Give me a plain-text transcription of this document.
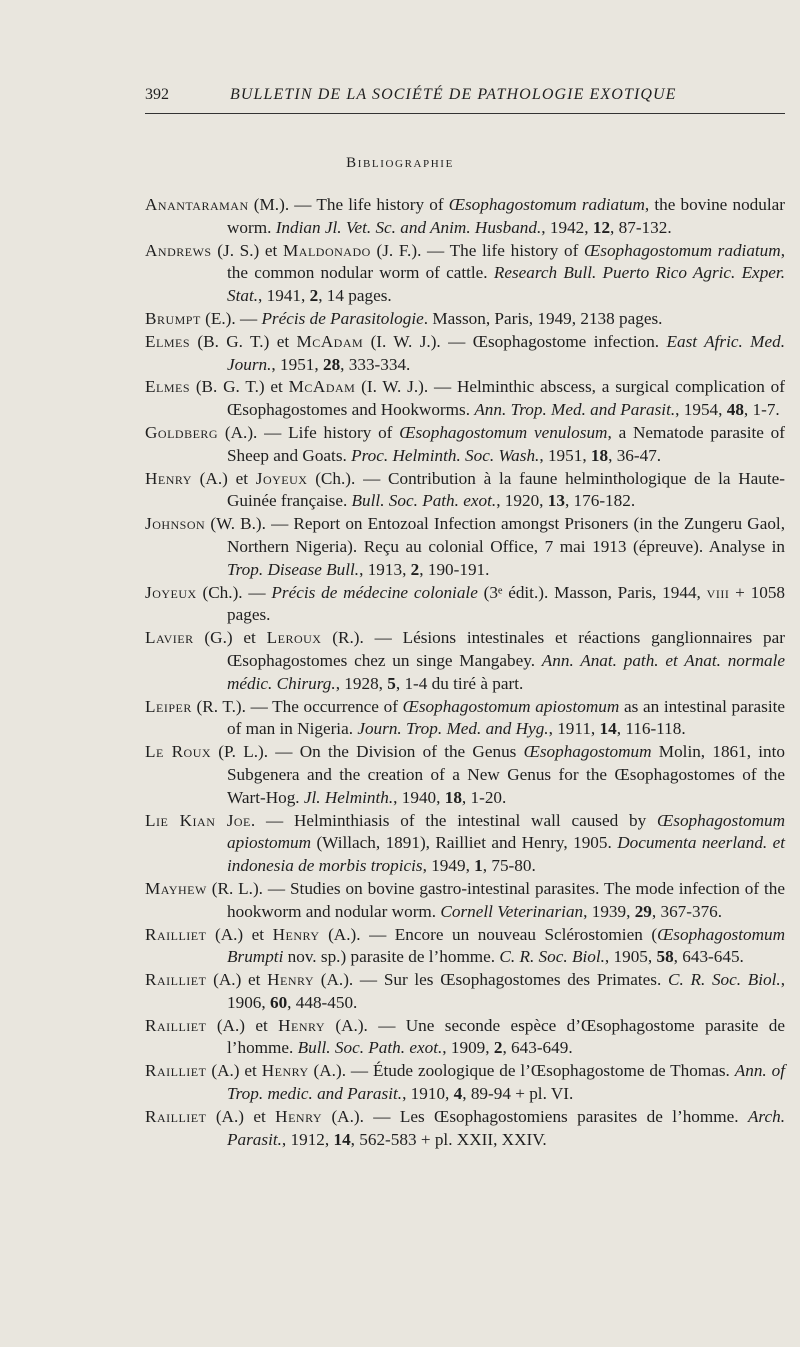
392	BULLETIN DE LA SOCIÉTÉ DE PATHOLOGIE EXOTIQUE
Bibliographie

Anantaraman (M.). — The life history of Œsophagostomum radiatum, the bovine nodular worm. Indian Jl. Vet. Sc. and Anim. Husband., 1942, 12, 87-132.

Andrews (J. S.) et Maldonado (J. F.). — The life history of Œsophagostomum radiatum, the common nodular worm of cattle. Research Bull. Puerto Rico Agric. Exper. Stat., 1941, 2, 14 pages.

Brumpt (E.). — Précis de Parasitologie. Masson, Paris, 1949, 2138 pages.

Elmes (B. G. T.) et McAdam (I. W. J.). — Œsophagostome infection. East Afric. Med. Journ., 1951, 28, 333-334.

Elmes (B. G. T.) et McAdam (I. W. J.). — Helminthic abscess, a surgical complication of Œsophagostomes and Hookworms. Ann. Trop. Med. and Parasit., 1954, 48, 1-7.

Goldberg (A.). — Life history of Œsophagostomum venulosum, a Nematode parasite of Sheep and Goats. Proc. Helminth. Soc. Wash., 1951, 18, 36-47.

Henry (A.) et Joyeux (Ch.). — Contribution à la faune helminthologique de la Haute-Guinée française. Bull. Soc. Path. exot., 1920, 13, 176-182.

Johnson (W. B.). — Report on Entozoal Infection amongst Prisoners (in the Zungeru Gaol, Northern Nigeria). Reçu au colonial Office, 7 mai 1913 (épreuve). Analyse in Trop. Disease Bull., 1913, 2, 190-191.

Joyeux (Ch.). — Précis de médecine coloniale (3ᵉ édit.). Masson, Paris, 1944, viii + 1058 pages.

Lavier (G.) et Leroux (R.). — Lésions intestinales et réactions ganglionnaires par Œsophagostomes chez un singe Mangabey. Ann. Anat. path. et Anat. normale médic. Chirurg., 1928, 5, 1-4 du tiré à part.

Leiper (R. T.). — The occurrence of Œsophagostomum apiostomum as an intestinal parasite of man in Nigeria. Journ. Trop. Med. and Hyg., 1911, 14, 116-118.

Le Roux (P. L.). — On the Division of the Genus Œsophagostomum Molin, 1861, into Subgenera and the creation of a New Genus for the Œsophagostomes of the Wart-Hog. Jl. Helminth., 1940, 18, 1-20.

Lie Kian Joe. — Helminthiasis of the intestinal wall caused by Œsophagostomum apiostomum (Willach, 1891), Railliet and Henry, 1905. Documenta neerland. et indonesia de morbis tropicis, 1949, 1, 75-80.

Mayhew (R. L.). — Studies on bovine gastro-intestinal parasites. The mode infection of the hookworm and nodular worm. Cornell Veterinarian, 1939, 29, 367-376.

Railliet (A.) et Henry (A.). — Encore un nouveau Sclérostomien (Œsophagostomum Brumpti nov. sp.) parasite de l’homme. C. R. Soc. Biol., 1905, 58, 643-645.

Railliet (A.) et Henry (A.). — Sur les Œsophagostomes des Primates. C. R. Soc. Biol., 1906, 60, 448-450.

Railliet (A.) et Henry (A.). — Une seconde espèce d’Œsophagostome parasite de l’homme. Bull. Soc. Path. exot., 1909, 2, 643-649.

Railliet (A.) et Henry (A.). — Étude zoologique de l’Œsophagostome de Thomas. Ann. of Trop. medic. and Parasit., 1910, 4, 89-94 + pl. VI.

Railliet (A.) et Henry (A.). — Les Œsophagostomiens parasites de l’homme. Arch. Parasit., 1912, 14, 562-583 + pl. XXII, XXIV.
